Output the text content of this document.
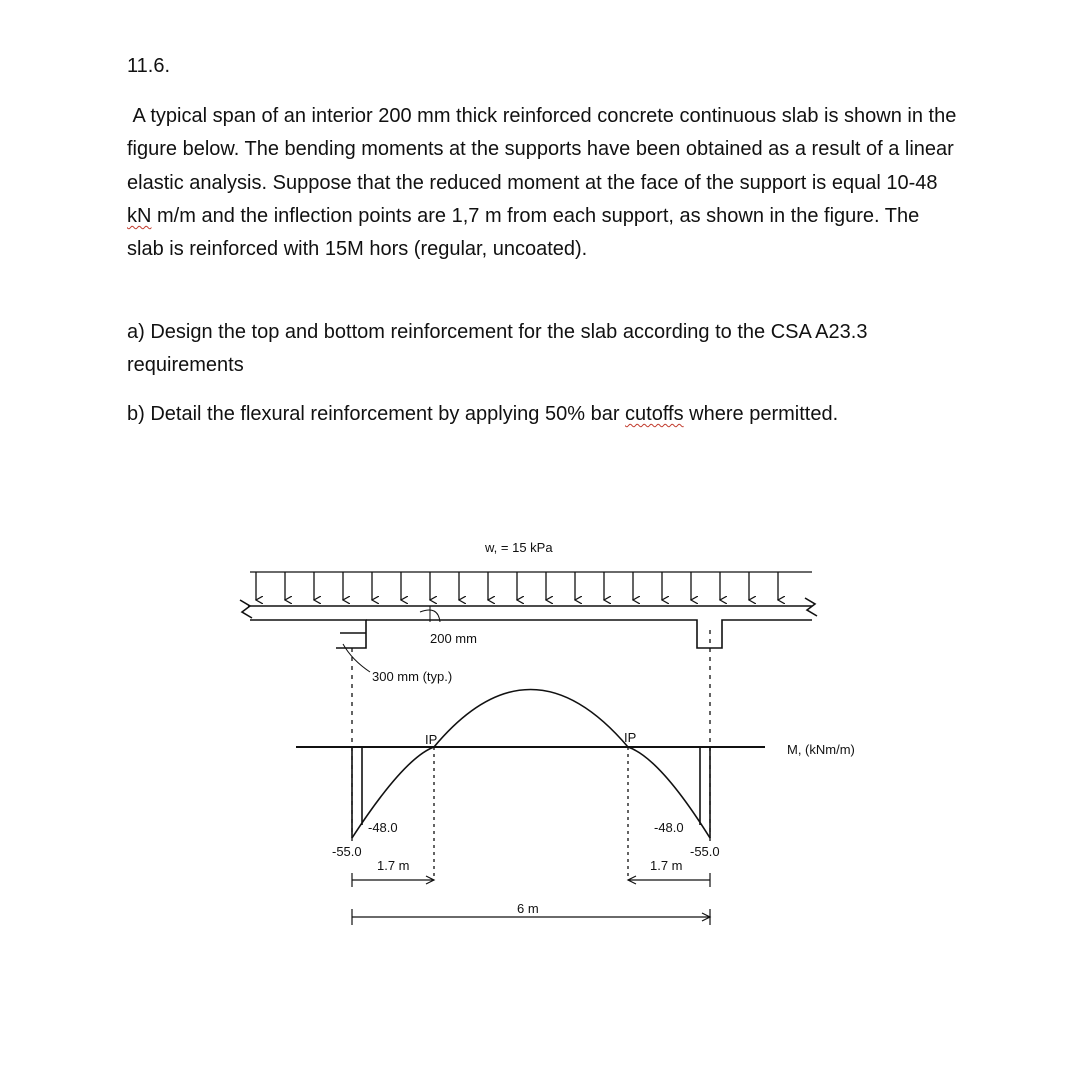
11.6.

A typical span of an interior 200 mm thick reinforced concrete continuous slab is shown in the figure below. The bending moments at the supports have been obtained as a result of a linear elastic analysis. Suppose that the reduced moment at the face of the support is equal 10-48 kN m/m and the inflection points are 1,7 m from each support, as shown in the figure. The slab is reinforced with 15M hors (regular, uncoated).

a) Design the top and bottom reinforcement for the slab according to the CSA A23.3 requirements

b) Detail the flexural reinforcement by applying 50% bar cutoffs where permitted.

w, = 15 kPa
200 mm
300 mm (typ.)
M, (kNm/m)
IP	IP
-48.0
-55.0
-48.0
-55.0
1.7 m	1.7 m
6 m
